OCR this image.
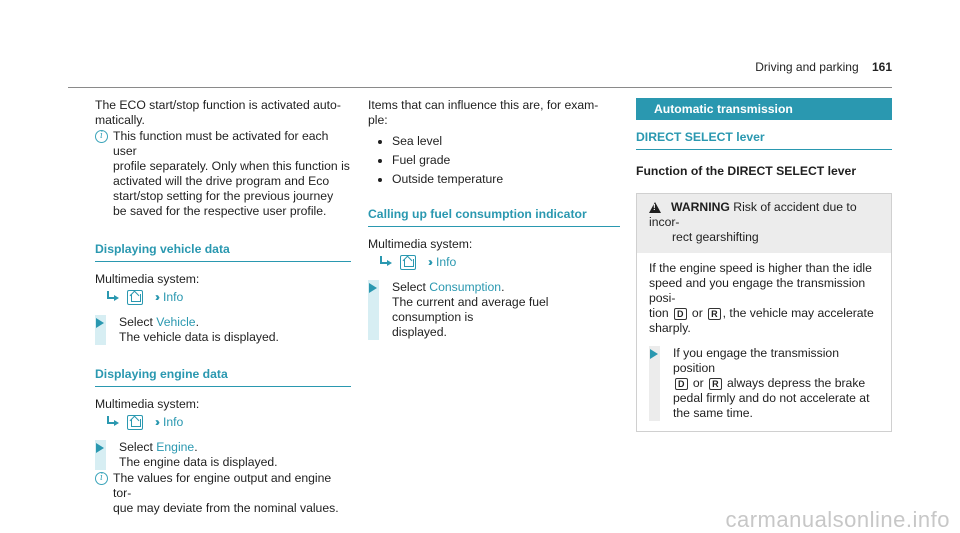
Driving and parking 161

The ECO start/stop function is activated auto-

matically.

i This function must be activated for each user

profile separately. Only when this function is

activated will the drive program and Eco

start/stop setting for the previous journey

be saved for the respective user profile.

Displaying vehicle data

Multimedia system:

›› Info

Select Vehicle.

The vehicle data is displayed.

Displaying engine data

Multimedia system:

›› Info

Select Engine.

The engine data is displayed.

i The values for engine output and engine tor-

que may deviate from the nominal values.

Items that can influence this are, for exam-

ple:

Sea level
Fuel grade
Outside temperature
Calling up fuel consumption indicator

Multimedia system:

›› Info

Select Consumption.

The current and average fuel consumption is

displayed.

Automatic transmission
DIRECT SELECT lever

Function of the DIRECT SELECT lever

!WARNING Risk of accident due to incor-

rect gearshifting

If the engine speed is higher than the idle

speed and you engage the transmission posi-

tion D or R , the vehicle may accelerate

sharply.

If you engage the transmission position

D or R always depress the brake

pedal firmly and do not accelerate at

the same time.

carmanualsonline.info
